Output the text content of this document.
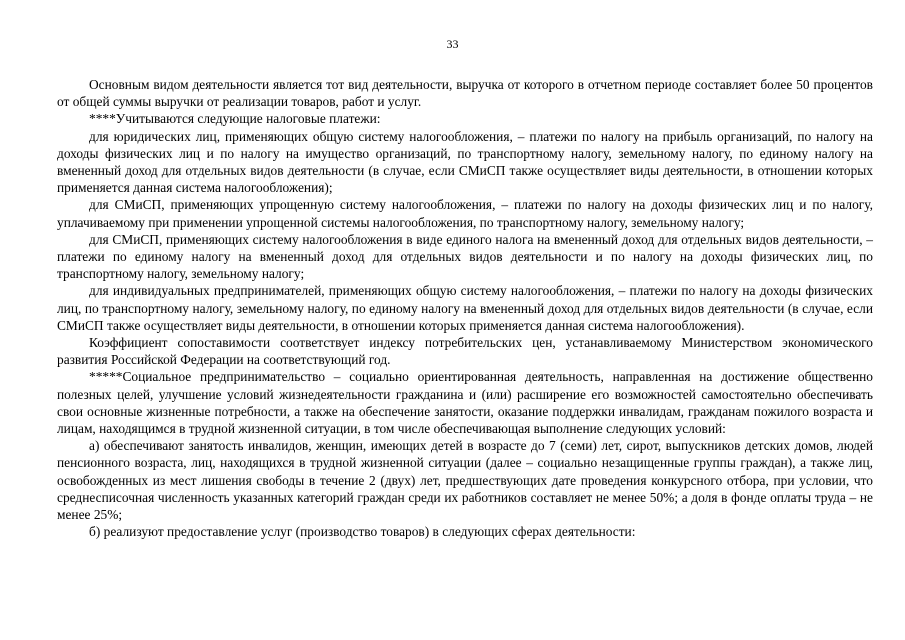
33

Основным видом деятельности является тот вид деятельности, выручка от которого в отчетном периоде составляет более 50 процентов от общей суммы выручки от реализации товаров, работ и услуг.

****Учитываются следующие налоговые платежи:

для юридических лиц, применяющих общую систему налогообложения, – платежи по налогу на прибыль организаций, по налогу на доходы физических лиц и по налогу на имущество организаций, по транспортному налогу, земельному налогу, по единому налогу на вмененный доход для отдельных видов деятельности (в случае, если СМиСП также осуществляет виды деятельности, в отношении которых применяется данная система налогообложения);

для СМиСП, применяющих упрощенную систему налогообложения, – платежи по налогу на доходы физических лиц и по налогу, уплачиваемому при применении упрощенной системы налогообложения, по транспортному налогу, земельному налогу;

для СМиСП, применяющих систему налогообложения в виде единого налога на вмененный доход для отдельных видов деятельности, – платежи по единому налогу на вмененный доход для отдельных видов деятельности и по налогу на доходы физических лиц, по транспортному налогу, земельному налогу;

для индивидуальных предпринимателей, применяющих общую систему налогообложения, – платежи по налогу на доходы физических лиц, по транспортному налогу, земельному налогу, по единому налогу на вмененный доход для отдельных видов деятельности (в случае, если СМиСП также осуществляет виды деятельности, в отношении которых применяется данная система налогообложения).

Коэффициент сопоставимости соответствует индексу потребительских цен, устанавливаемому Министерством экономического развития Российской Федерации на соответствующий год.

*****Социальное предпринимательство – социально ориентированная деятельность, направленная на достижение общественно полезных целей, улучшение условий жизнедеятельности гражданина и (или) расширение его возможностей самостоятельно обеспечивать свои основные жизненные потребности, а также на обеспечение занятости, оказание поддержки инвалидам, гражданам пожилого возраста и лицам, находящимся в трудной жизненной ситуации, в том числе обеспечивающая выполнение следующих условий:

а) обеспечивают занятость инвалидов, женщин, имеющих детей в возрасте до 7 (семи) лет, сирот, выпускников детских домов, людей пенсионного возраста, лиц, находящихся в трудной жизненной ситуации (далее – социально незащищенные группы граждан), а также лиц, освобожденных из мест лишения свободы в течение 2 (двух) лет, предшествующих дате проведения конкурсного отбора, при условии, что среднесписочная численность указанных категорий граждан среди их работников составляет не менее 50%; а доля в фонде оплаты труда – не менее 25%;

б) реализуют предоставление услуг (производство товаров) в следующих сферах деятельности:
